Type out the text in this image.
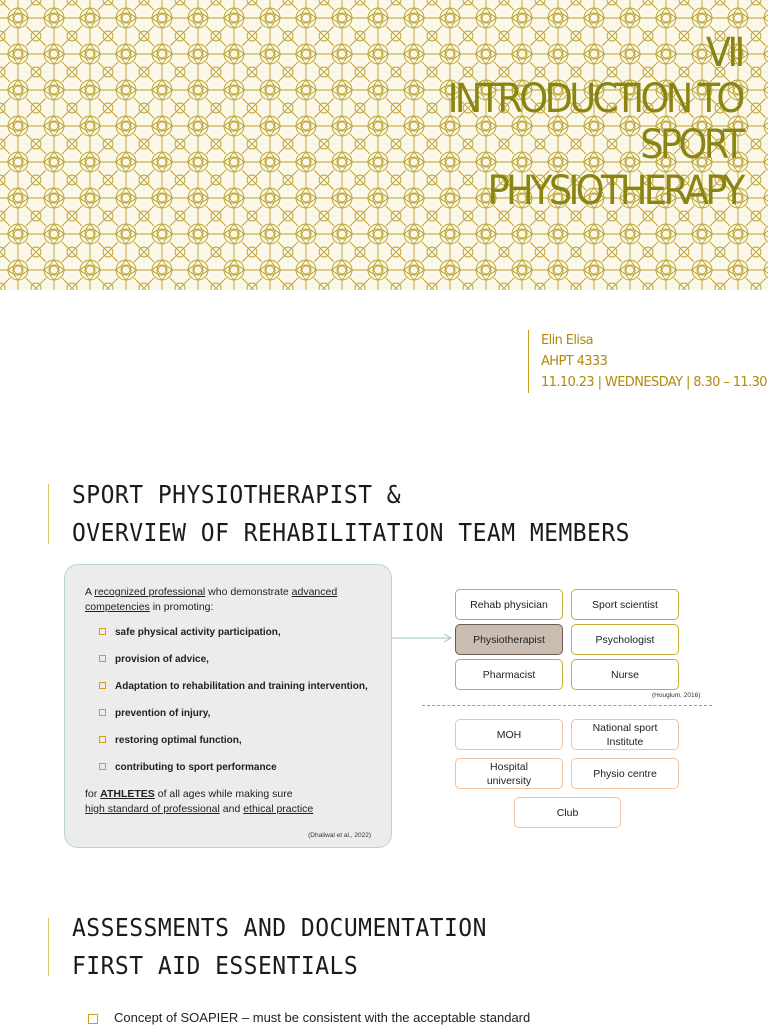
VII
INTRODUCTION TO
SPORT
PHYSIOTHERAPY
Elin Elisa
AHPT 4333
11.10.23 | WEDNESDAY | 8.30 – 11.30
SPORT PHYSIOTHERAPIST &
OVERVIEW OF REHABILITATION TEAM MEMBERS
A recognized professional who demonstrate advanced competencies in promoting:
safe physical activity participation,
provision of advice,
Adaptation to rehabilitation and training intervention,
prevention of injury,
restoring optimal function,
contributing to sport performance
for ATHLETES of all ages while making sure
high standard of professional and ethical practice
(Dhaliwal et al., 2022)
Rehab physician	Sport scientist
Physiotherapist	Psychologist
Pharmacist	Nurse
(Houglum, 2016)
MOH
National sport Institute
Hospital university
Physio centre
Club
ASSESSMENTS AND DOCUMENTATION
FIRST AID ESSENTIALS
Concept of SOAPIER – must be consistent with the acceptable standard
